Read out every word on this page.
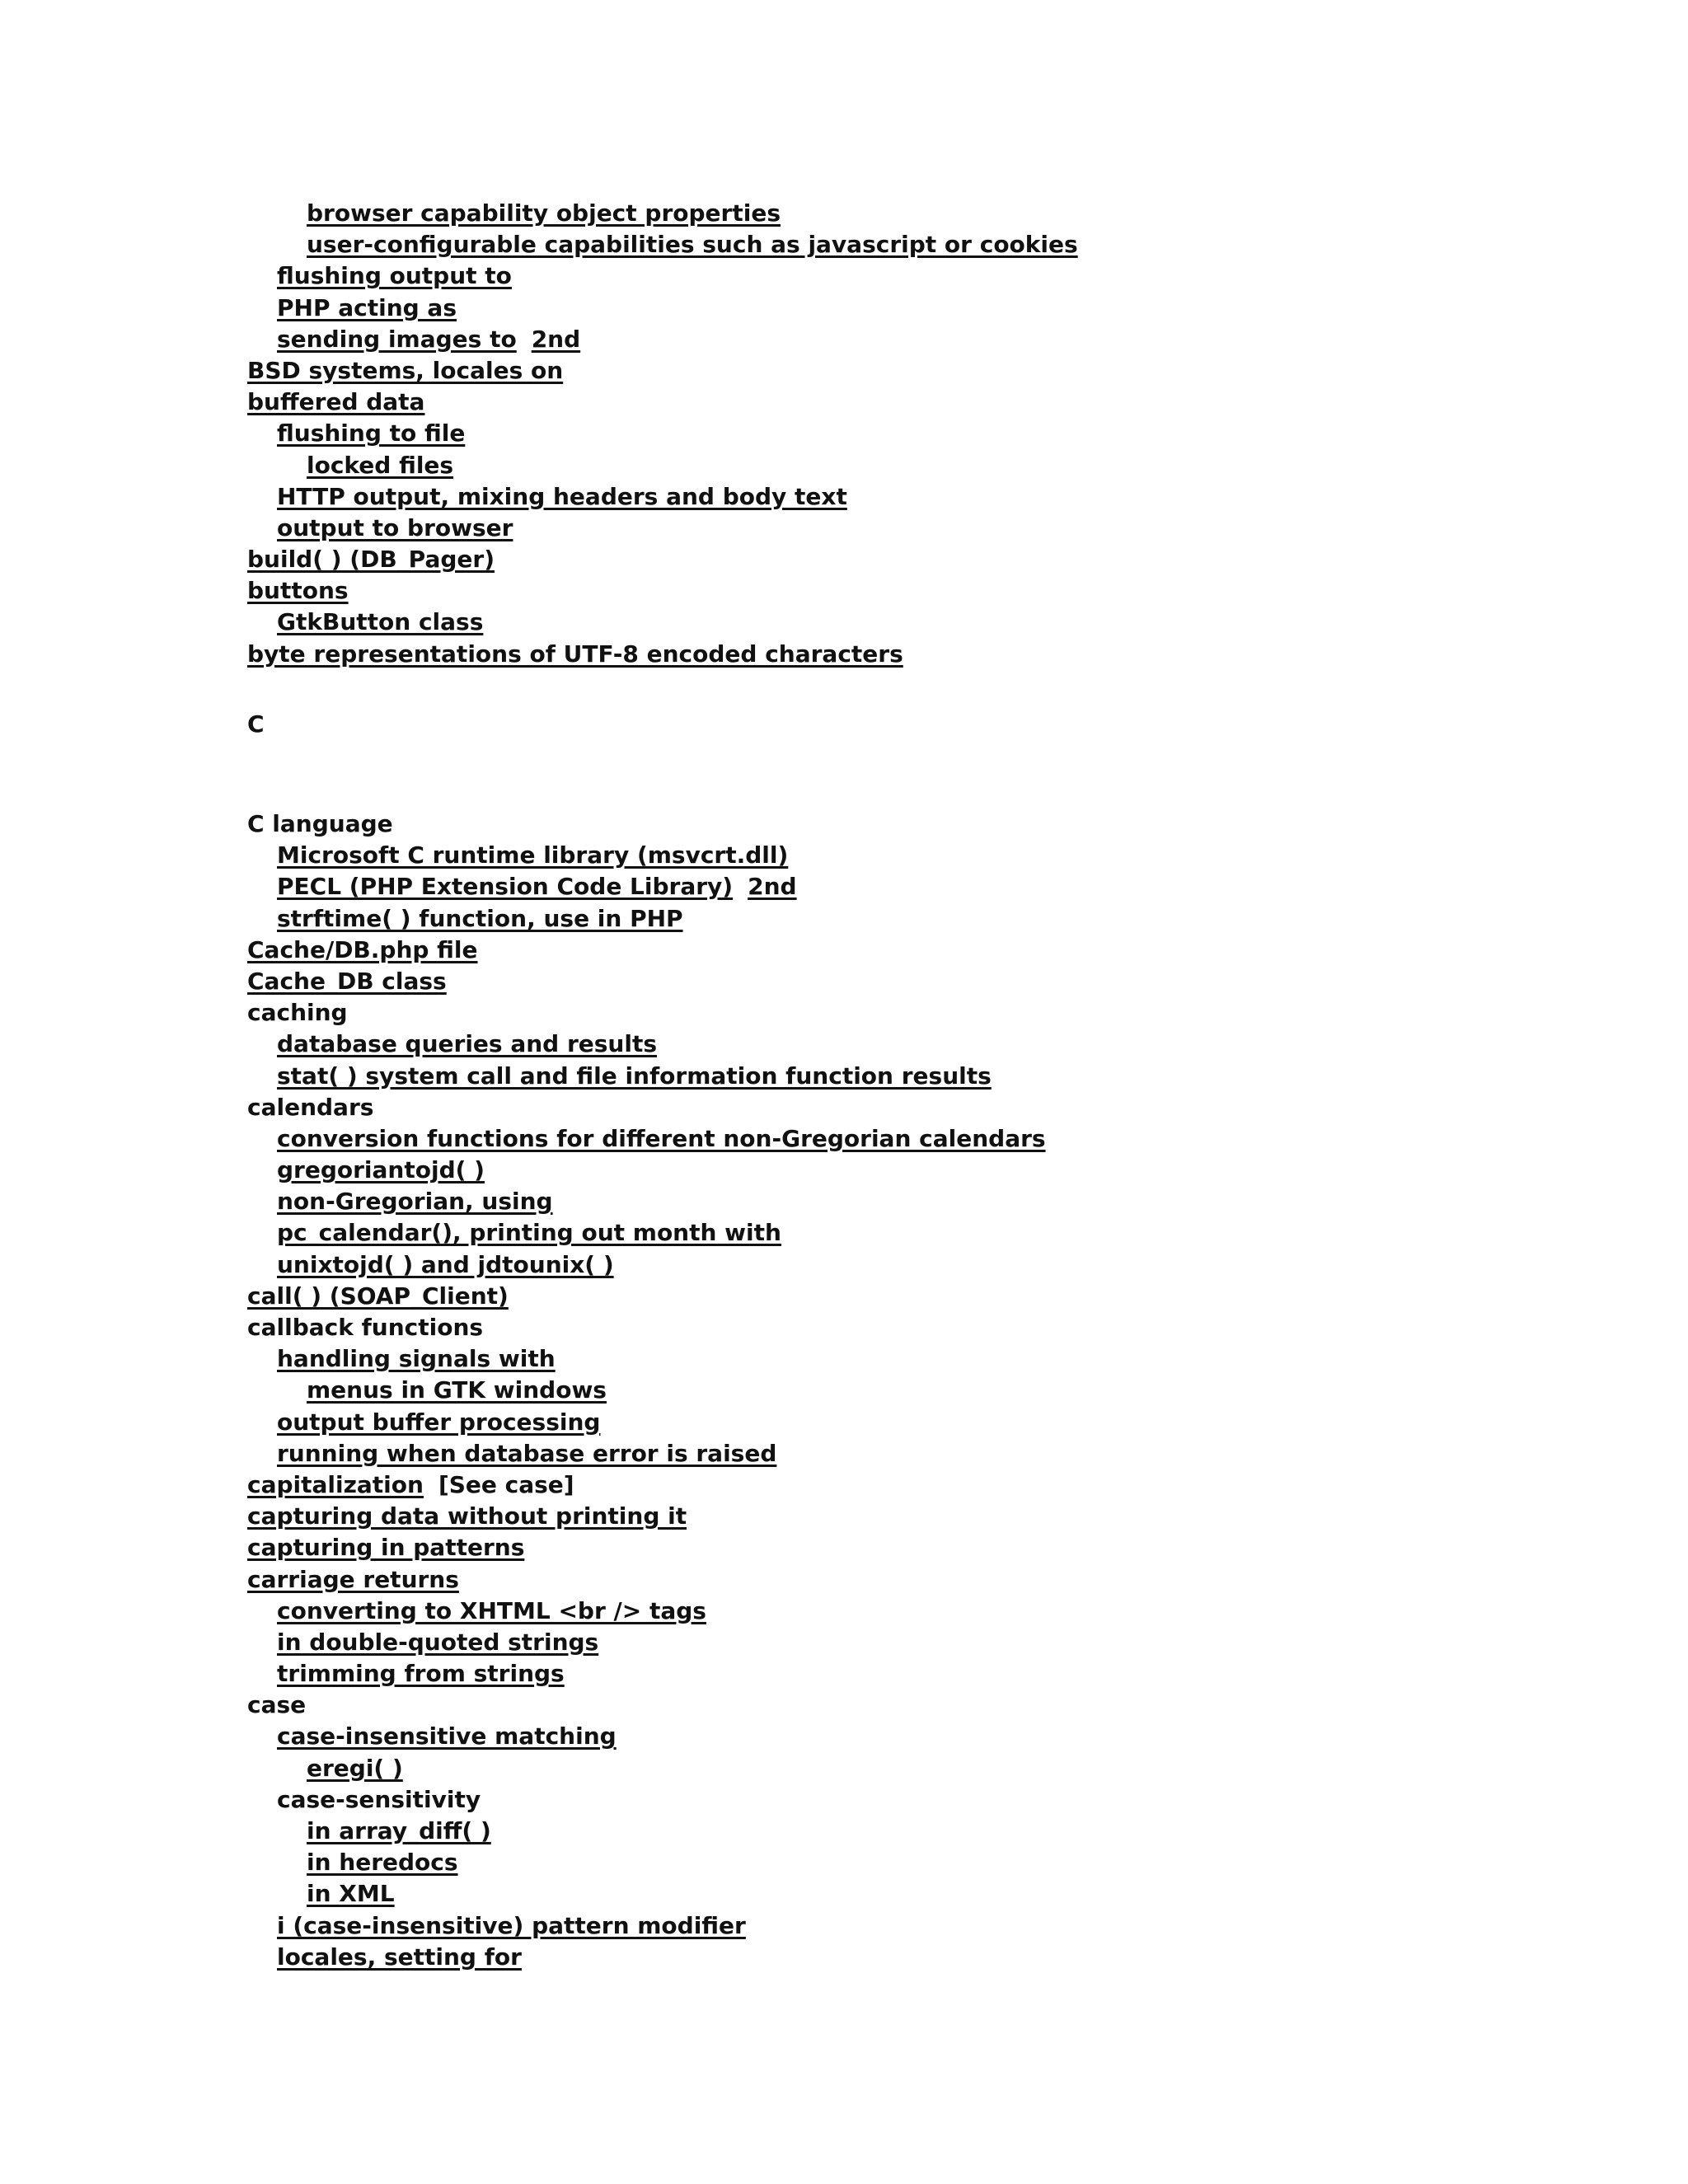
browser capability object properties
user-configurable capabilities such as javascript or cookies
flushing output to
PHP acting as
sending images to 2nd
BSD systems, locales on
buffered data
flushing to file
locked files
HTTP output, mixing headers and body text
output to browser
build( ) (DB_Pager)
buttons
GtkButton class
byte representations of UTF-8 encoded characters
C
C language
Microsoft C runtime library (msvcrt.dll)
PECL (PHP Extension Code Library) 2nd
strftime( ) function, use in PHP
Cache/DB.php file
Cache_DB class
caching
database queries and results
stat( ) system call and file information function results
calendars
conversion functions for different non-Gregorian calendars
gregoriantojd( )
non-Gregorian, using
pc_calendar(), printing out month with
unixtojd( ) and jdtounix( )
call( ) (SOAP_Client)
callback functions
handling signals with
menus in GTK windows
output buffer processing
running when database error is raised
capitalization [See case]
capturing data without printing it
capturing in patterns
carriage returns
converting to XHTML <br /> tags
in double-quoted strings
trimming from strings
case
case-insensitive matching
eregi( )
case-sensitivity
in array_diff( )
in heredocs
in XML
i (case-insensitive) pattern modifier
locales, setting for
